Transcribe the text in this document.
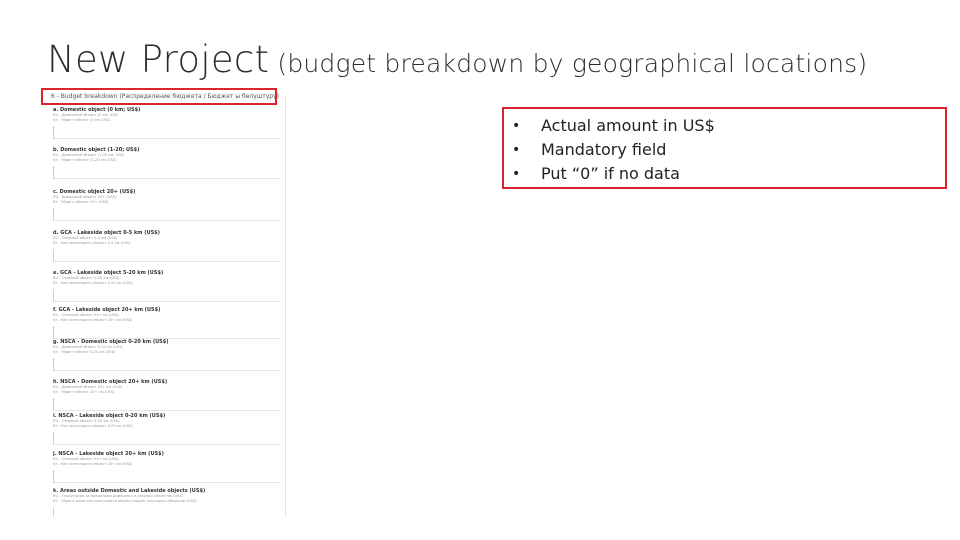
New Project (budget breakdown by geographical locations)
a. Domestic object (0 km; US$)
RU - Домашний объект (0 км; US$)
KY - Үйдөгү объект (0 км; US$)
b. Domestic object (1-20; US$)
RU - Домашний объект (1-20 км; US$)
KY - Үйдөгү объект (1-20 км; US$)
c. Domestic object 20+ (US$)
RU - Домашний объект 20+ (US$)
KY - Үйдөгү объект 20+ (US$)
d. GCA - Lakeside object 0-5 km (US$)
RU - Озерный объект 0-5 км (US$)
KY - Көл жээгиндеги объект 0-5 км (US$)
e. GCA - Lakeside object 5-20 km (US$)
RU - Озерный объект 5-20 км (US$)
KY - Көл жээгиндеги объект 5-20 км (US$)
f. GCA - Lakeside object 20+ km (US$)
RU - Озерный объект 20+ км (US$)
KY - Көл жээгиндеги объект 20+ км (US$)
g. NSCA - Domestic object 0-20 km (US$)
RU - Домашний объект 0-20 км (US$)
KY - Үйдөгү объект 0-20 км (US$)
h. NSCA - Domestic object 20+ km (US$)
RU - Домашний объект 20+ км (US$)
KY - Үйдөгү объект 20+ км (US$)
i. NSCA - Lakeside object 0-20 km (US$)
RU - Озерный объект 0-20 км (US$)
KY - Көл жээгиндеги объект 0-20 км (US$)
j. NSCA - Lakeside object 20+ km (US$)
RU - Озерный объект 20+ км (US$)
KY - Көл жээгиндеги объект 20+ км (US$)
k. Areas outside Domestic and Lakeside objects (US$)
RU - Территории за пределами домашних и озерных объектов (US$)
KY - Үйдөгү жана көл жээгиндеги объекттерден тышкаркы аймактар (US$)
6 - Budget breakdown (Распределение бюджета / Бюджет ы бөлүштүрү)
• Actual amount in US$
• Mandatory field
• Put “0” if no data
